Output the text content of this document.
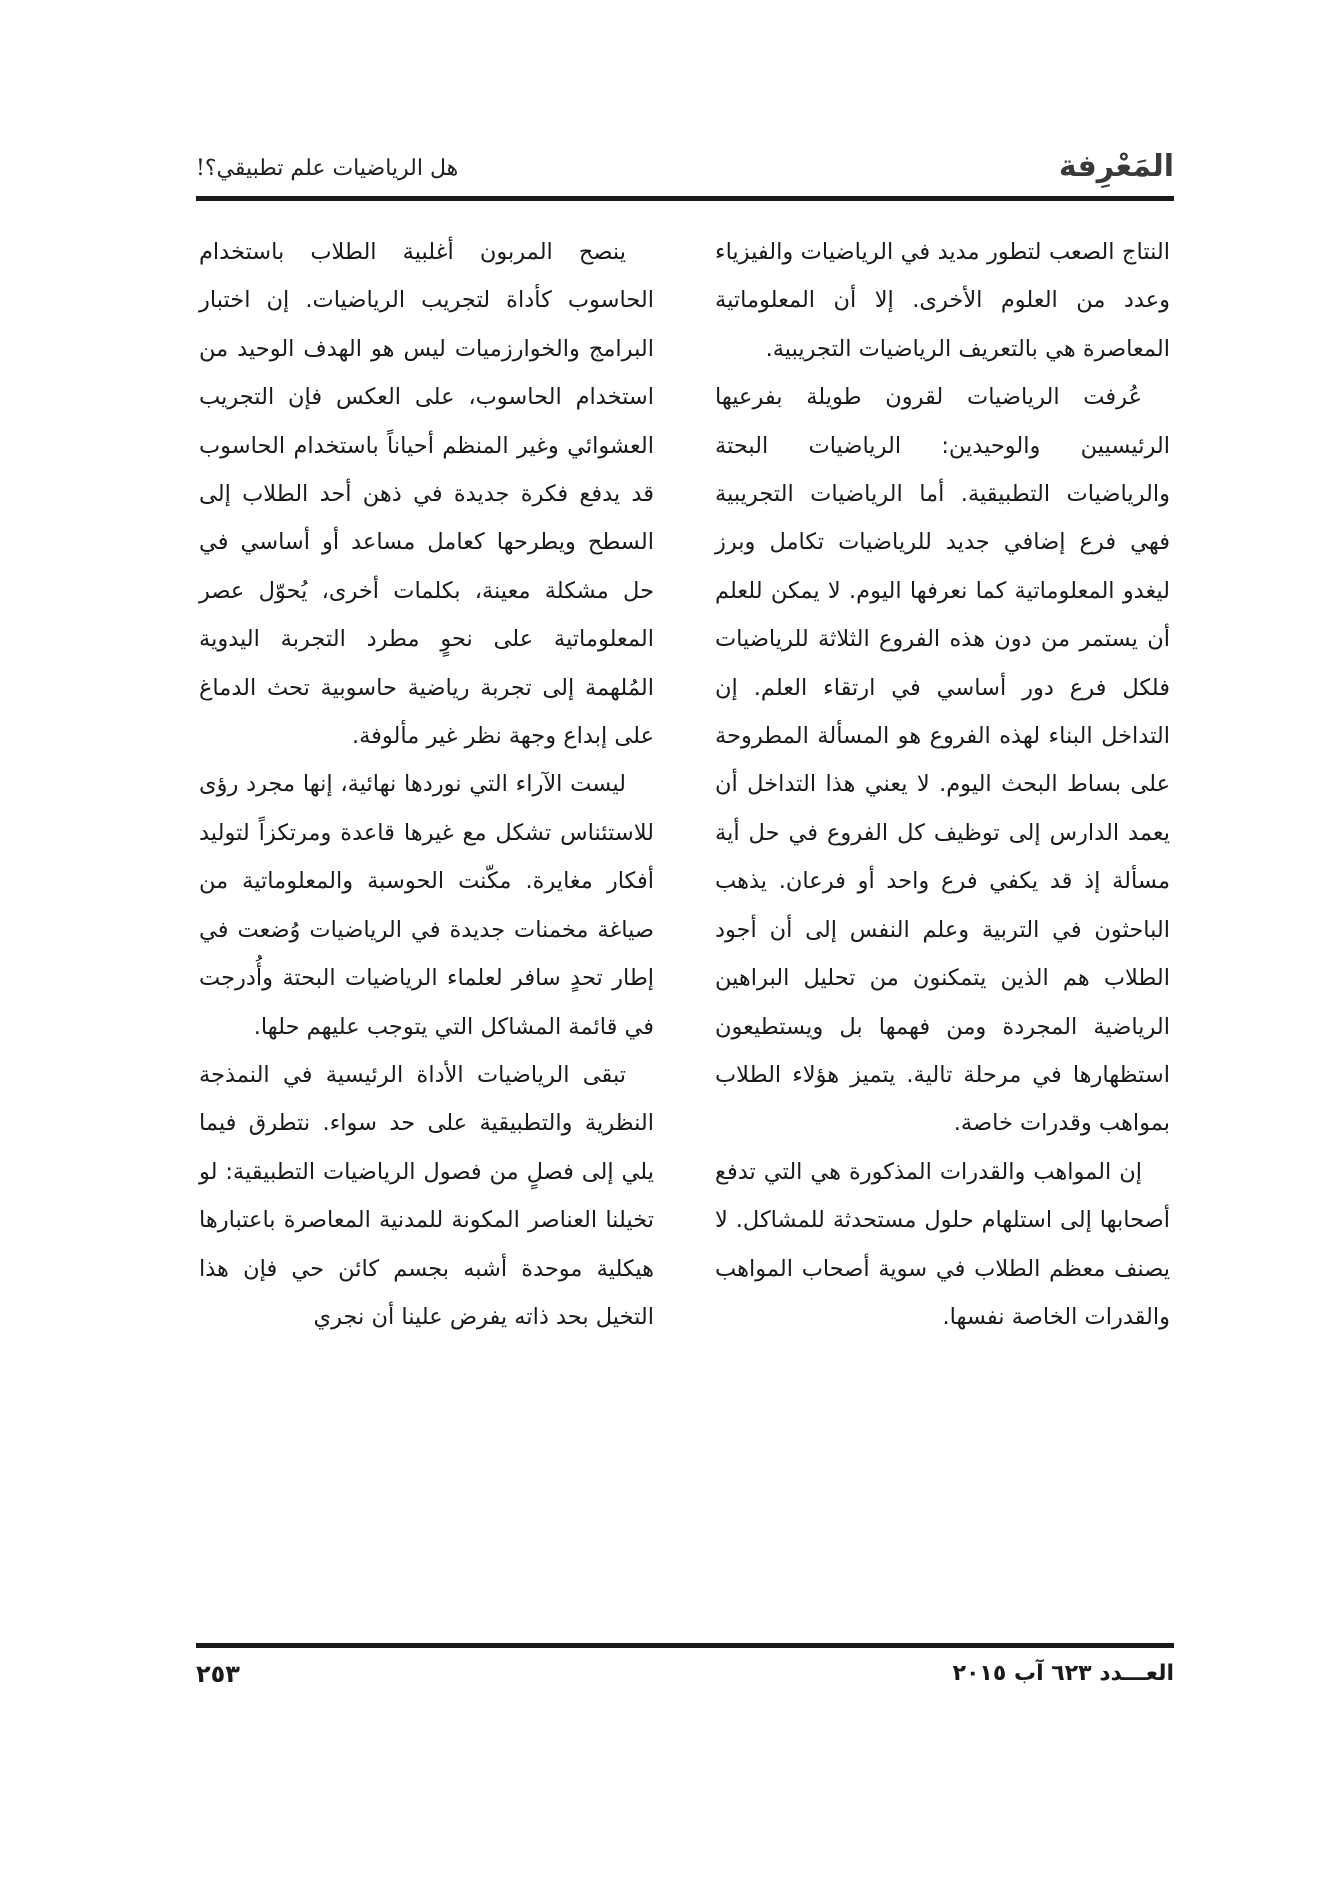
المَعْرِفة
هل الرياضيات علم تطبيقي؟!

النتاج الصعب لتطور مديد في الرياضيات والفيزياء وعدد من العلوم الأخرى. إلا أن المعلوماتية المعاصرة هي بالتعريف الرياضيات التجريبية.

عُرفت الرياضيات لقرون طويلة بفرعيها الرئيسيين والوحيدين: الرياضيات البحتة والرياضيات التطبيقية. أما الرياضيات التجريبية فهي فرع إضافي جديد للرياضيات تكامل وبرز ليغدو المعلوماتية كما نعرفها اليوم. لا يمكن للعلم أن يستمر من دون هذه الفروع الثلاثة للرياضيات فلكل فرع دور أساسي في ارتقاء العلم. إن التداخل البناء لهذه الفروع هو المسألة المطروحة على بساط البحث اليوم. لا يعني هذا التداخل أن يعمد الدارس إلى توظيف كل الفروع في حل أية مسألة إذ قد يكفي فرع واحد أو فرعان. يذهب الباحثون في التربية وعلم النفس إلى أن أجود الطلاب هم الذين يتمكنون من تحليل البراهين الرياضية المجردة ومن فهمها بل ويستطيعون استظهارها في مرحلة تالية. يتميز هؤلاء الطلاب بمواهب وقدرات خاصة.

إن المواهب والقدرات المذكورة هي التي تدفع أصحابها إلى استلهام حلول مستحدثة للمشاكل. لا يصنف معظم الطلاب في سوية أصحاب المواهب والقدرات الخاصة نفسها.

ينصح المربون أغلبية الطلاب باستخدام الحاسوب كأداة لتجريب الرياضيات. إن اختبار البرامج والخوارزميات ليس هو الهدف الوحيد من استخدام الحاسوب، على العكس فإن التجريب العشوائي وغير المنظم أحياناً باستخدام الحاسوب قد يدفع فكرة جديدة في ذهن أحد الطلاب إلى السطح ويطرحها كعامل مساعد أو أساسي في حل مشكلة معينة، بكلمات أخرى، يُحوّل عصر المعلوماتية على نحوٍ مطرد التجربة اليدوية المُلهمة إلى تجربة رياضية حاسوبية تحث الدماغ على إبداع وجهة نظر غير مألوفة.

ليست الآراء التي نوردها نهائية، إنها مجرد رؤى للاستئناس تشكل مع غيرها قاعدة ومرتكزاً لتوليد أفكار مغايرة. مكّنت الحوسبة والمعلوماتية من صياغة مخمنات جديدة في الرياضيات وُضعت في إطار تحدٍ سافر لعلماء الرياضيات البحتة وأُدرجت في قائمة المشاكل التي يتوجب عليهم حلها.

تبقى الرياضيات الأداة الرئيسية في النمذجة النظرية والتطبيقية على حد سواء. نتطرق فيما يلي إلى فصلٍ من فصول الرياضيات التطبيقية: لو تخيلنا العناصر المكونة للمدنية المعاصرة باعتبارها هيكلية موحدة أشبه بجسم كائن حي فإن هذا التخيل بحد ذاته يفرض علينا أن نجري

العـــدد ٦٢٣ آب ٢٠١٥
٢٥٣
